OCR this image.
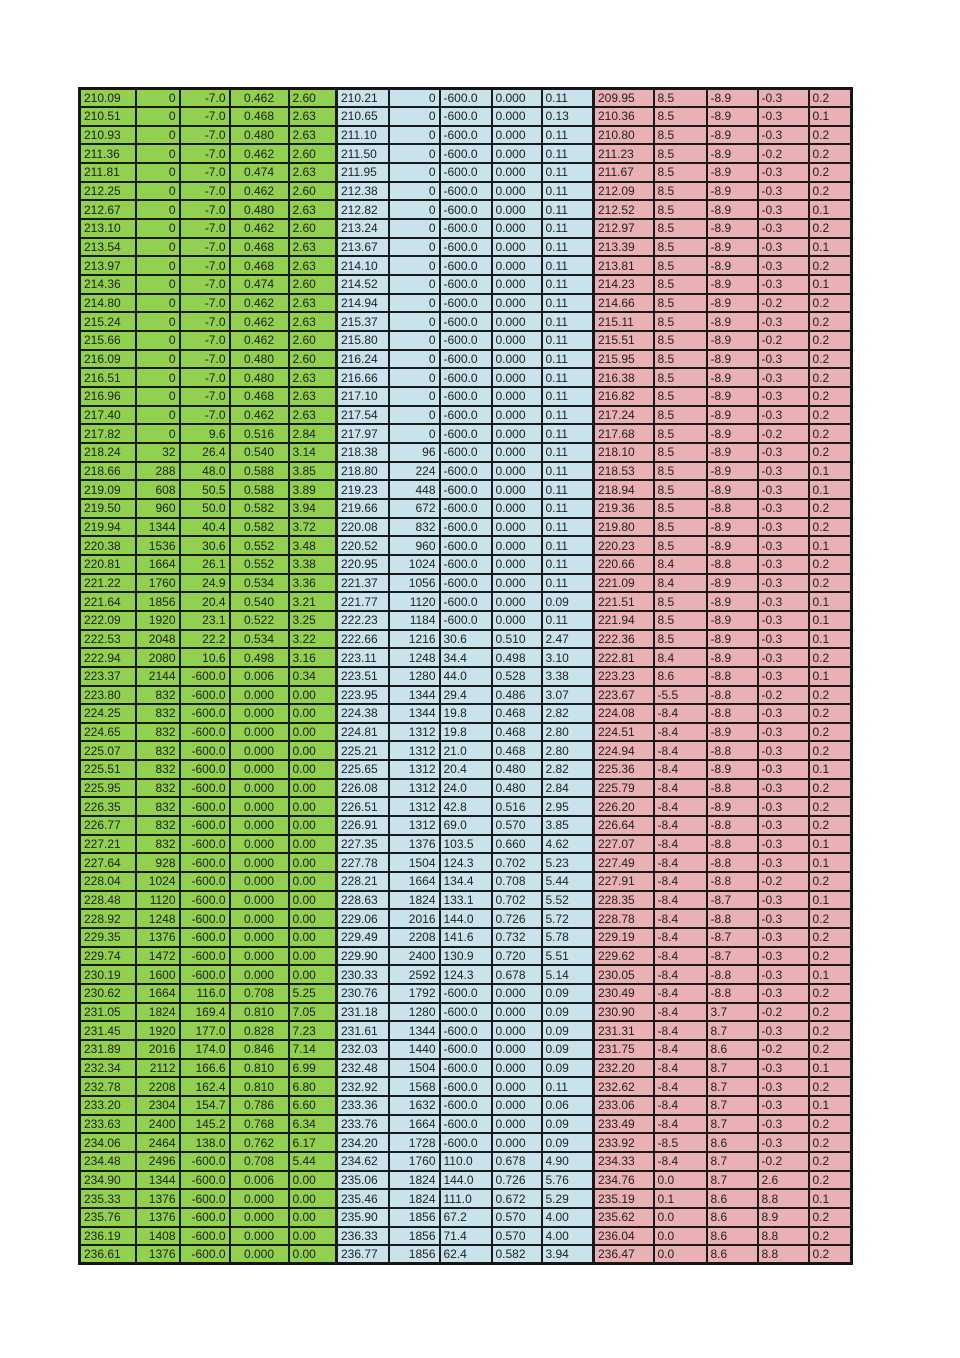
210.09	0	-7.0	0.462	2.60	210.21	0	-600.0	0.000	0.11	209.95	8.5	-8.9	-0.3	0.2
210.51	0	-7.0	0.468	2.63	210.65	0	-600.0	0.000	0.13	210.36	8.5	-8.9	-0.3	0.1
210.93	0	-7.0	0.480	2.63	211.10	0	-600.0	0.000	0.11	210.80	8.5	-8.9	-0.3	0.2
211.36	0	-7.0	0.462	2.60	211.50	0	-600.0	0.000	0.11	211.23	8.5	-8.9	-0.2	0.2
211.81	0	-7.0	0.474	2.63	211.95	0	-600.0	0.000	0.11	211.67	8.5	-8.9	-0.3	0.2
212.25	0	-7.0	0.462	2.60	212.38	0	-600.0	0.000	0.11	212.09	8.5	-8.9	-0.3	0.2
212.67	0	-7.0	0.480	2.63	212.82	0	-600.0	0.000	0.11	212.52	8.5	-8.9	-0.3	0.1
213.10	0	-7.0	0.462	2.60	213.24	0	-600.0	0.000	0.11	212.97	8.5	-8.9	-0.3	0.2
213.54	0	-7.0	0.468	2.63	213.67	0	-600.0	0.000	0.11	213.39	8.5	-8.9	-0.3	0.1
213.97	0	-7.0	0.468	2.63	214.10	0	-600.0	0.000	0.11	213.81	8.5	-8.9	-0.3	0.2
214.36	0	-7.0	0.474	2.60	214.52	0	-600.0	0.000	0.11	214.23	8.5	-8.9	-0.3	0.1
214.80	0	-7.0	0.462	2.63	214.94	0	-600.0	0.000	0.11	214.66	8.5	-8.9	-0.2	0.2
215.24	0	-7.0	0.462	2.63	215.37	0	-600.0	0.000	0.11	215.11	8.5	-8.9	-0.3	0.2
215.66	0	-7.0	0.462	2.60	215.80	0	-600.0	0.000	0.11	215.51	8.5	-8.9	-0.2	0.2
216.09	0	-7.0	0.480	2.60	216.24	0	-600.0	0.000	0.11	215.95	8.5	-8.9	-0.3	0.2
216.51	0	-7.0	0.480	2.63	216.66	0	-600.0	0.000	0.11	216.38	8.5	-8.9	-0.3	0.2
216.96	0	-7.0	0.468	2.63	217.10	0	-600.0	0.000	0.11	216.82	8.5	-8.9	-0.3	0.2
217.40	0	-7.0	0.462	2.63	217.54	0	-600.0	0.000	0.11	217.24	8.5	-8.9	-0.3	0.2
217.82	0	9.6	0.516	2.84	217.97	0	-600.0	0.000	0.11	217.68	8.5	-8.9	-0.2	0.2
218.24	32	26.4	0.540	3.14	218.38	96	-600.0	0.000	0.11	218.10	8.5	-8.9	-0.3	0.2
218.66	288	48.0	0.588	3.85	218.80	224	-600.0	0.000	0.11	218.53	8.5	-8.9	-0.3	0.1
219.09	608	50.5	0.588	3.89	219.23	448	-600.0	0.000	0.11	218.94	8.5	-8.9	-0.3	0.1
219.50	960	50.0	0.582	3.94	219.66	672	-600.0	0.000	0.11	219.36	8.5	-8.8	-0.3	0.2
219.94	1344	40.4	0.582	3.72	220.08	832	-600.0	0.000	0.11	219.80	8.5	-8.9	-0.3	0.2
220.38	1536	30.6	0.552	3.48	220.52	960	-600.0	0.000	0.11	220.23	8.5	-8.9	-0.3	0.1
220.81	1664	26.1	0.552	3.38	220.95	1024	-600.0	0.000	0.11	220.66	8.4	-8.8	-0.3	0.2
221.22	1760	24.9	0.534	3.36	221.37	1056	-600.0	0.000	0.11	221.09	8.4	-8.9	-0.3	0.2
221.64	1856	20.4	0.540	3.21	221.77	1120	-600.0	0.000	0.09	221.51	8.5	-8.9	-0.3	0.1
222.09	1920	23.1	0.522	3.25	222.23	1184	-600.0	0.000	0.11	221.94	8.5	-8.9	-0.3	0.1
222.53	2048	22.2	0.534	3.22	222.66	1216	30.6	0.510	2.47	222.36	8.5	-8.9	-0.3	0.1
222.94	2080	10.6	0.498	3.16	223.11	1248	34.4	0.498	3.10	222.81	8.4	-8.9	-0.3	0.2
223.37	2144	-600.0	0.006	0.34	223.51	1280	44.0	0.528	3.38	223.23	8.6	-8.8	-0.3	0.1
223.80	832	-600.0	0.000	0.00	223.95	1344	29.4	0.486	3.07	223.67	-5.5	-8.8	-0.2	0.2
224.25	832	-600.0	0.000	0.00	224.38	1344	19.8	0.468	2.82	224.08	-8.4	-8.8	-0.3	0.2
224.65	832	-600.0	0.000	0.00	224.81	1312	19.8	0.468	2.80	224.51	-8.4	-8.9	-0.3	0.2
225.07	832	-600.0	0.000	0.00	225.21	1312	21.0	0.468	2.80	224.94	-8.4	-8.8	-0.3	0.2
225.51	832	-600.0	0.000	0.00	225.65	1312	20.4	0.480	2.82	225.36	-8.4	-8.9	-0.3	0.1
225.95	832	-600.0	0.000	0.00	226.08	1312	24.0	0.480	2.84	225.79	-8.4	-8.8	-0.3	0.2
226.35	832	-600.0	0.000	0.00	226.51	1312	42.8	0.516	2.95	226.20	-8.4	-8.9	-0.3	0.2
226.77	832	-600.0	0.000	0.00	226.91	1312	69.0	0.570	3.85	226.64	-8.4	-8.8	-0.3	0.2
227.21	832	-600.0	0.000	0.00	227.35	1376	103.5	0.660	4.62	227.07	-8.4	-8.8	-0.3	0.1
227.64	928	-600.0	0.000	0.00	227.78	1504	124.3	0.702	5.23	227.49	-8.4	-8.8	-0.3	0.1
228.04	1024	-600.0	0.000	0.00	228.21	1664	134.4	0.708	5.44	227.91	-8.4	-8.8	-0.2	0.2
228.48	1120	-600.0	0.000	0.00	228.63	1824	133.1	0.702	5.52	228.35	-8.4	-8.7	-0.3	0.1
228.92	1248	-600.0	0.000	0.00	229.06	2016	144.0	0.726	5.72	228.78	-8.4	-8.8	-0.3	0.2
229.35	1376	-600.0	0.000	0.00	229.49	2208	141.6	0.732	5.78	229.19	-8.4	-8.7	-0.3	0.2
229.74	1472	-600.0	0.000	0.00	229.90	2400	130.9	0.720	5.51	229.62	-8.4	-8.7	-0.3	0.2
230.19	1600	-600.0	0.000	0.00	230.33	2592	124.3	0.678	5.14	230.05	-8.4	-8.8	-0.3	0.1
230.62	1664	116.0	0.708	5.25	230.76	1792	-600.0	0.000	0.09	230.49	-8.4	-8.8	-0.3	0.2
231.05	1824	169.4	0.810	7.05	231.18	1280	-600.0	0.000	0.09	230.90	-8.4	3.7	-0.2	0.2
231.45	1920	177.0	0.828	7.23	231.61	1344	-600.0	0.000	0.09	231.31	-8.4	8.7	-0.3	0.2
231.89	2016	174.0	0.846	7.14	232.03	1440	-600.0	0.000	0.09	231.75	-8.4	8.6	-0.2	0.2
232.34	2112	166.6	0.810	6.99	232.48	1504	-600.0	0.000	0.09	232.20	-8.4	8.7	-0.3	0.1
232.78	2208	162.4	0.810	6.80	232.92	1568	-600.0	0.000	0.11	232.62	-8.4	8.7	-0.3	0.2
233.20	2304	154.7	0.786	6.60	233.36	1632	-600.0	0.000	0.06	233.06	-8.4	8.7	-0.3	0.1
233.63	2400	145.2	0.768	6.34	233.76	1664	-600.0	0.000	0.09	233.49	-8.4	8.7	-0.3	0.2
234.06	2464	138.0	0.762	6.17	234.20	1728	-600.0	0.000	0.09	233.92	-8.5	8.6	-0.3	0.2
234.48	2496	-600.0	0.708	5.44	234.62	1760	110.0	0.678	4.90	234.33	-8.4	8.7	-0.2	0.2
234.90	1344	-600.0	0.006	0.00	235.06	1824	144.0	0.726	5.76	234.76	0.0	8.7	2.6	0.2
235.33	1376	-600.0	0.000	0.00	235.46	1824	111.0	0.672	5.29	235.19	0.1	8.6	8.8	0.1
235.76	1376	-600.0	0.000	0.00	235.90	1856	67.2	0.570	4.00	235.62	0.0	8.6	8.9	0.2
236.19	1408	-600.0	0.000	0.00	236.33	1856	71.4	0.570	4.00	236.04	0.0	8.6	8.8	0.2
236.61	1376	-600.0	0.000	0.00	236.77	1856	62.4	0.582	3.94	236.47	0.0	8.6	8.8	0.2
